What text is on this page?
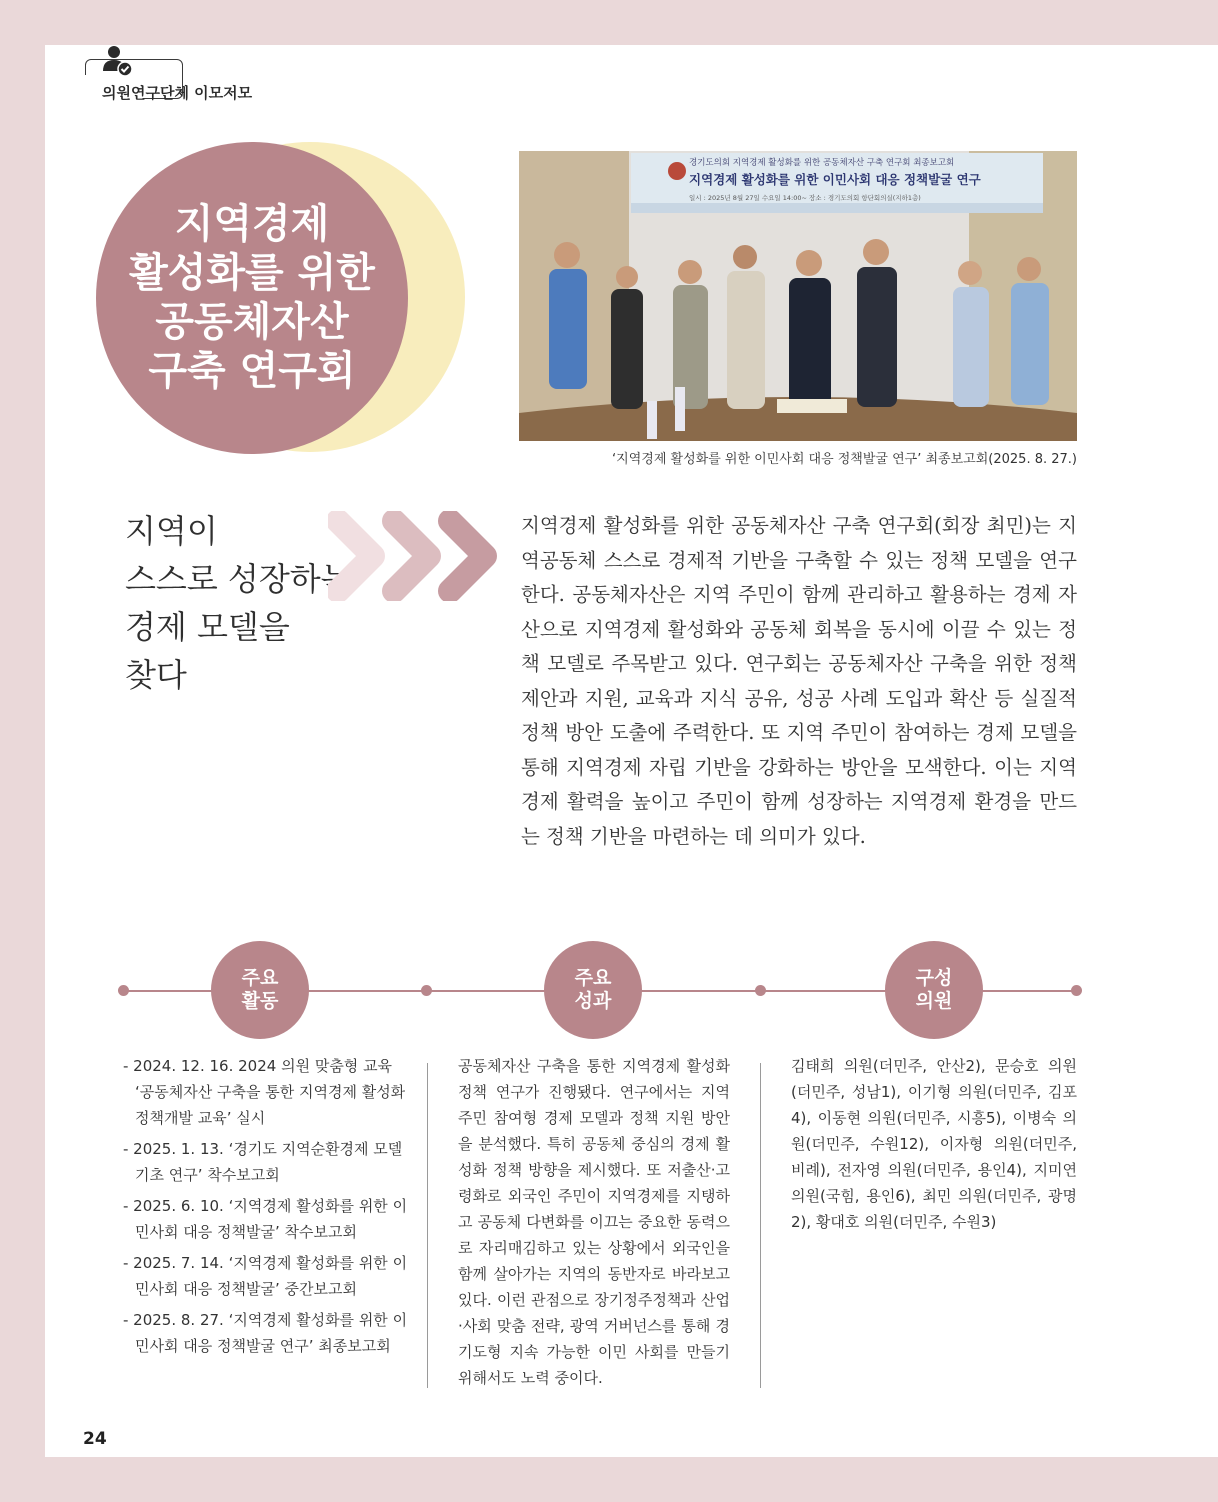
의원연구단체 이모저모
지역경제
활성화를 위한
공동체자산
구축 연구회
경기도의회 지역경제 활성화를 위한 공동체자산 구축 연구회 최종보고회
지역경제 활성화를 위한 이민사회 대응 정책발굴 연구
일시 : 2025년 8월 27일 수요일 14:00~ 장소 : 경기도의회 항단회의실(지하1층)
‘지역경제 활성화를 위한 이민사회 대응 정책발굴 연구’ 최종보고회(2025. 8. 27.)
지역이
스스로 성장하는
경제 모델을
찾다
지역경제 활성화를 위한 공동체자산 구축 연구회(회장 최민)는 지역공동체 스스로 경제적 기반을 구축할 수 있는 정책 모델을 연구한다. 공동체자산은 지역 주민이 함께 관리하고 활용하는 경제 자산으로 지역경제 활성화와 공동체 회복을 동시에 이끌 수 있는 정책 모델로 주목받고 있다. 연구회는 공동체자산 구축을 위한 정책 제안과 지원, 교육과 지식 공유, 성공 사례 도입과 확산 등 실질적 정책 방안 도출에 주력한다. 또 지역 주민이 참여하는 경제 모델을 통해 지역경제 자립 기반을 강화하는 방안을 모색한다. 이는 지역경제 활력을 높이고 주민이 함께 성장하는 지역경제 환경을 만드는 정책 기반을 마련하는 데 의미가 있다.
주요
활동
주요
성과
구성
의원
- 2024. 12. 16. 2024 의원 맞춤형 교육 ‘공동체자산 구축을 통한 지역경제 활성화 정책개발 교육’ 실시
- 2025. 1. 13. ‘경기도 지역순환경제 모델 기초 연구’ 착수보고회
- 2025. 6. 10. ‘지역경제 활성화를 위한 이민사회 대응 정책발굴’ 착수보고회
- 2025. 7. 14. ‘지역경제 활성화를 위한 이민사회 대응 정책발굴’ 중간보고회
- 2025. 8. 27. ‘지역경제 활성화를 위한 이민사회 대응 정책발굴 연구’ 최종보고회
공동체자산 구축을 통한 지역경제 활성화 정책 연구가 진행됐다. 연구에서는 지역 주민 참여형 경제 모델과 정책 지원 방안을 분석했다. 특히 공동체 중심의 경제 활성화 정책 방향을 제시했다. 또 저출산·고령화로 외국인 주민이 지역경제를 지탱하고 공동체 다변화를 이끄는 중요한 동력으로 자리매김하고 있는 상황에서 외국인을 함께 살아가는 지역의 동반자로 바라보고 있다. 이런 관점으로 장기정주정책과 산업·사회 맞춤 전략, 광역 거버넌스를 통해 경기도형 지속 가능한 이민 사회를 만들기 위해서도 노력 중이다.
김태희 의원(더민주, 안산2), 문승호 의원(더민주, 성남1), 이기형 의원(더민주, 김포4), 이동현 의원(더민주, 시흥5), 이병숙 의원(더민주, 수원12), 이자형 의원(더민주, 비례), 전자영 의원(더민주, 용인4), 지미연 의원(국힘, 용인6), 최민 의원(더민주, 광명2), 황대호 의원(더민주, 수원3)
24
